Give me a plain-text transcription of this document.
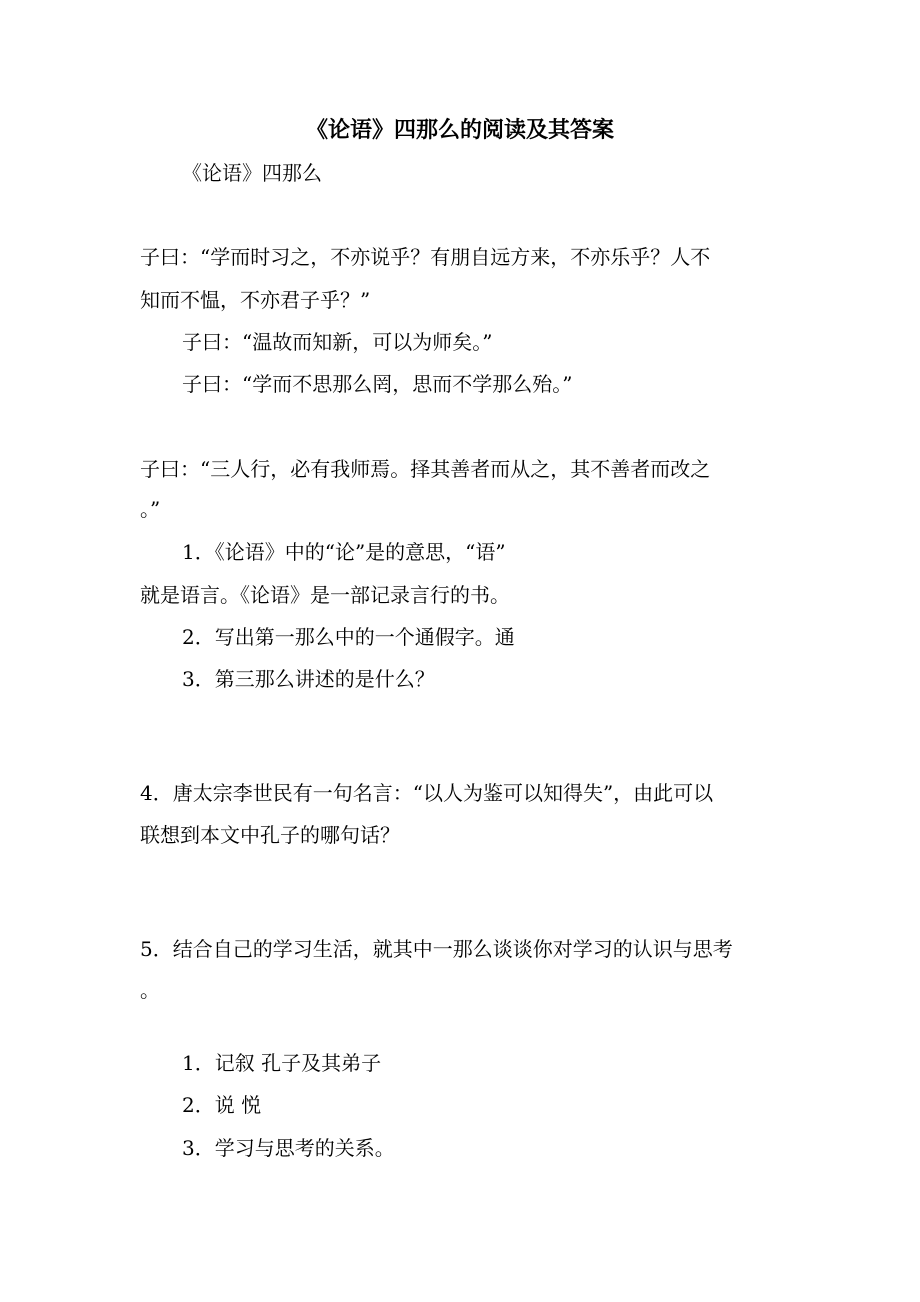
《论语》四那么的阅读及其答案
《论语》四那么
子曰：“学而时习之，不亦说乎？有朋自远方来，不亦乐乎？人不
知而不愠，不亦君子乎？”
子曰：“温故而知新，可以为师矣。”
子曰：“学而不思那么罔，思而不学那么殆。”
子曰：“三人行，必有我师焉。择其善者而从之，其不善者而改之
。”
1．《论语》中的“论”是的意思，“语”
就是语言。《论语》是一部记录言行的书。
2．写出第一那么中的一个通假字。通
3．第三那么讲述的是什么？
4．唐太宗李世民有一句名言：“以人为鉴可以知得失”，由此可以
联想到本文中孔子的哪句话？
5．结合自己的学习生活，就其中一那么谈谈你对学习的认识与思考
。
1．记叙 孔子及其弟子
2．说 悦
3．学习与思考的关系。
